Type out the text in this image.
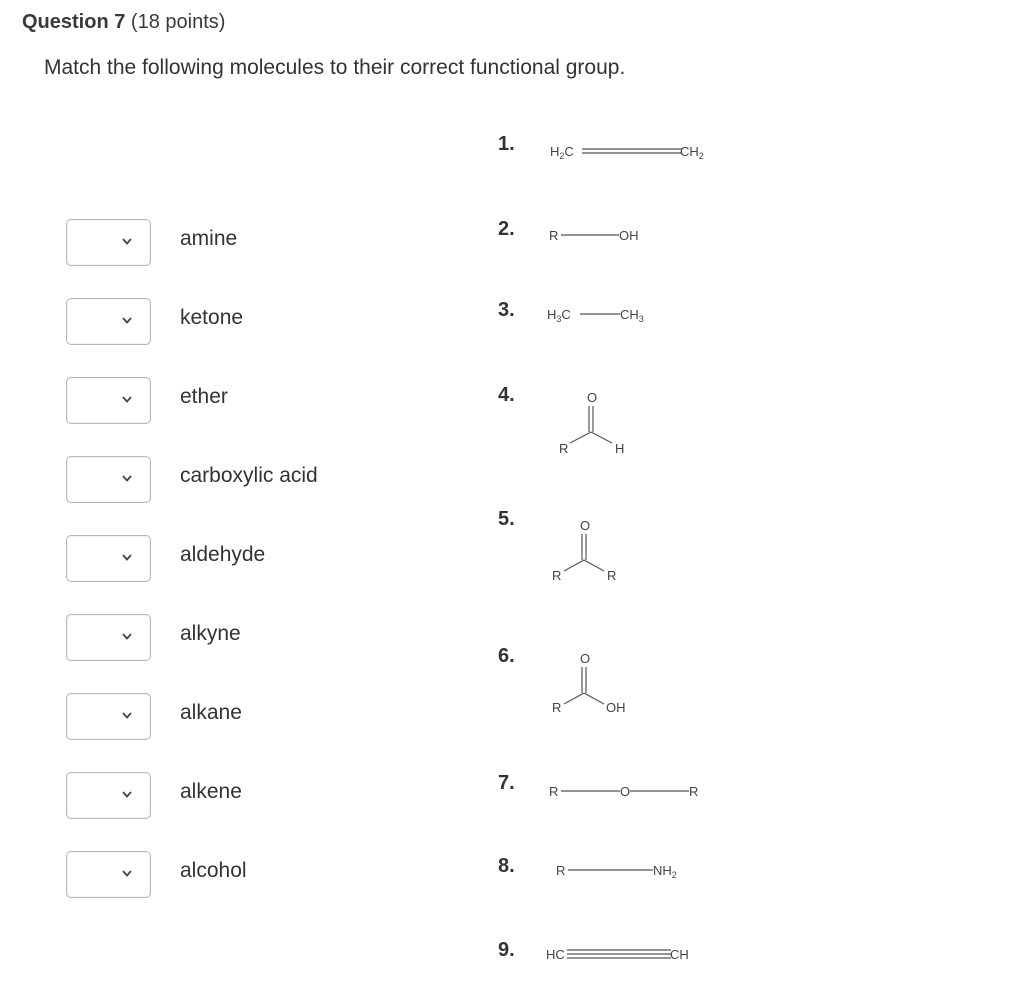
Question 7 (18 points)
Match the following molecules to their correct functional group.
amine
ketone
ether
carboxylic acid
aldehyde
alkyne
alkane
alkene
alcohol
1.	$H_2C$	$CH_2$
2.	R	OH
3. $H_3C$	$CH_3$
4.	O
R	H
5.	O
R	R
6.	O
R	OH
7.	R	O	R
8.	R	$NH_2$
9. HC	CH
